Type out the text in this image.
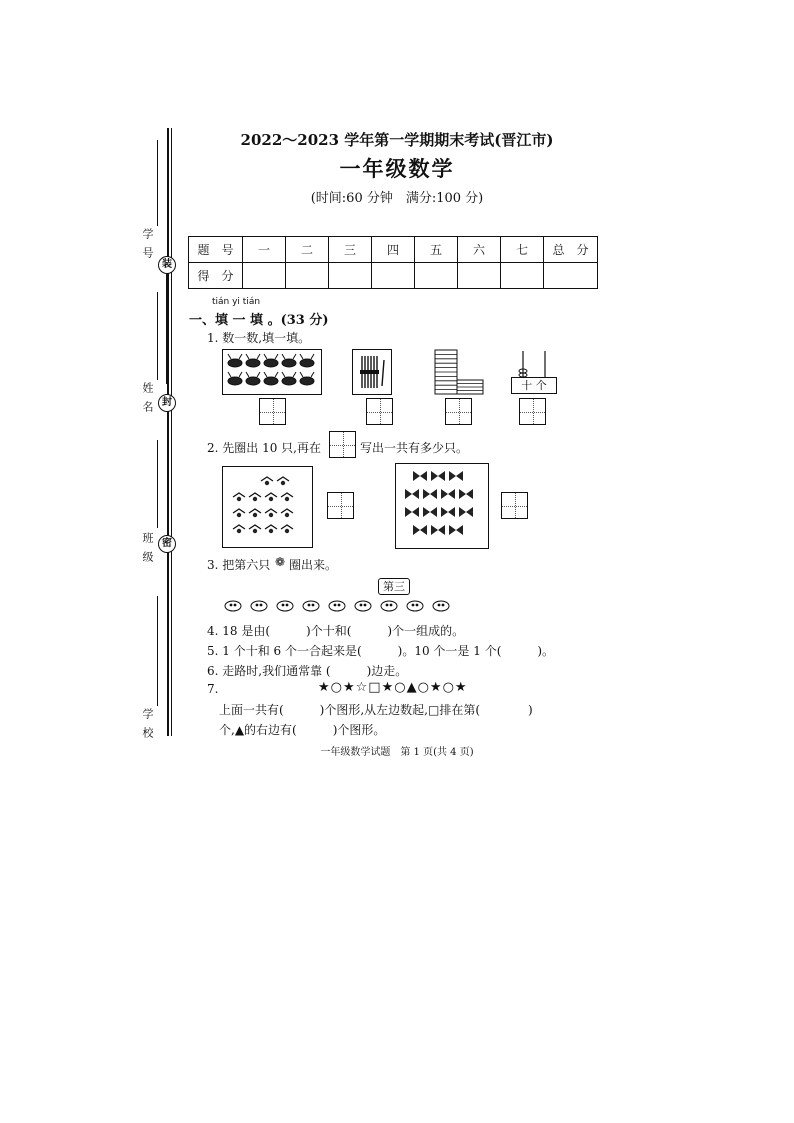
学号 装
姓名 封
班级 密
学校
2022～2023 学年第一学期期末考试(晋江市)
一年级数学
(时间:60 分钟　满分:100 分)
题　号	一	二	三	四	五	六	七	总　分
得　分								
tián yi tián
一、填 一 填 。(33 分)
1. 数一数,填一填。
十 个
2. 先圈出 10 只,再在	写出一共有多少只。
3. 把第六只 ❁ 圈出来。
第三
4. 18 是由(　　　)个十和(　　　)个一组成的。
5. 1 个十和 6 个一合起来是(　　　)。10 个一是 1 个(　　　)。
6. 走路时,我们通常靠 (　　　)边走。
7.	★○★☆□★○▲○★○★
上面一共有(　　　)个图形,从左边数起,□排在第(　　　　)
个,▲的右边有(　　　)个图形。
一年级数学试题　第 1 页(共 4 页)
